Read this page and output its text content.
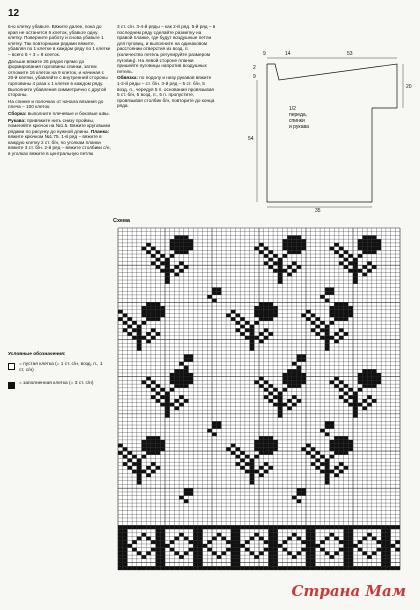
12

6-ю клетку убавьте. Вяжите далее, пока до края не останется 6 клеток, убавьте одну клетку. Поверните работу и снова убавьте 1 клетку. Так повторными рядами вяжите, убавляя по 1 клетке в каждом ряду по 1 клетке – всего 5 + 3 = 8 клеток.

Дальше вяжите 25 рядов прямо до формирования горловины спинки, затем отложите 16 клеток на 9 клеток, и начиная с 20-й клетки, убавляйте с внутренней стороны горловины 4 раза x 1 клетке в каждом ряду. Выполните убавления симметрично с другой стороны.

На спинке и полочках от начала вязания до плеча – 100 клеток.

Сборка: выполните плечевые и боковые швы.

Рукава: привяжите нить снизу проймы, поменяйте крючок на №1.5. Вяжите круговыми рядами по рисунку до нужной длины. Планка: вяжите крючком №1.75. 1-й ряд – вяжите в каждую клетку 2 ст. б/н, по уголкам планки вяжите 3 ст. б/н. 2-й ряд – вяжите столбики с/н, в уголках вяжите в центральную петлю

3 ст. с/н. 3-4-й ряды – как 2-й ряд. 5-й ряд – в последнем ряду сделайте разметку на правой планке, где будут воздушные петли для пуговиц, и выполните на одинаковом расстоянии отверстия из возд. п. (количество петель регулируйте размером пуговиц). На левой стороне планки пришейте пуговицы напротив воздушных петель.

Обвязка: по подолу и низу рукавов вяжите 1-2-й ряды – ст. б/н. 3-й ряд – 5 ст. б/н, 5 возд. п., чередуя 5 п. основания провязывая 5 ст. б/н, 5 возд. п., 5 п. пропустите, провязывая столбик б/н, повторите до конца ряда.

9	14	53
2
9
20
54
35
1/2
переда,
спинки
и рукава
Схема
Условные обозначения:
= пустая клетка (= 1 ст. с/н, возд. п., 1 ст. с/н)
= заполненная клетка (= 3 ст. с/н)
Страна Мам
